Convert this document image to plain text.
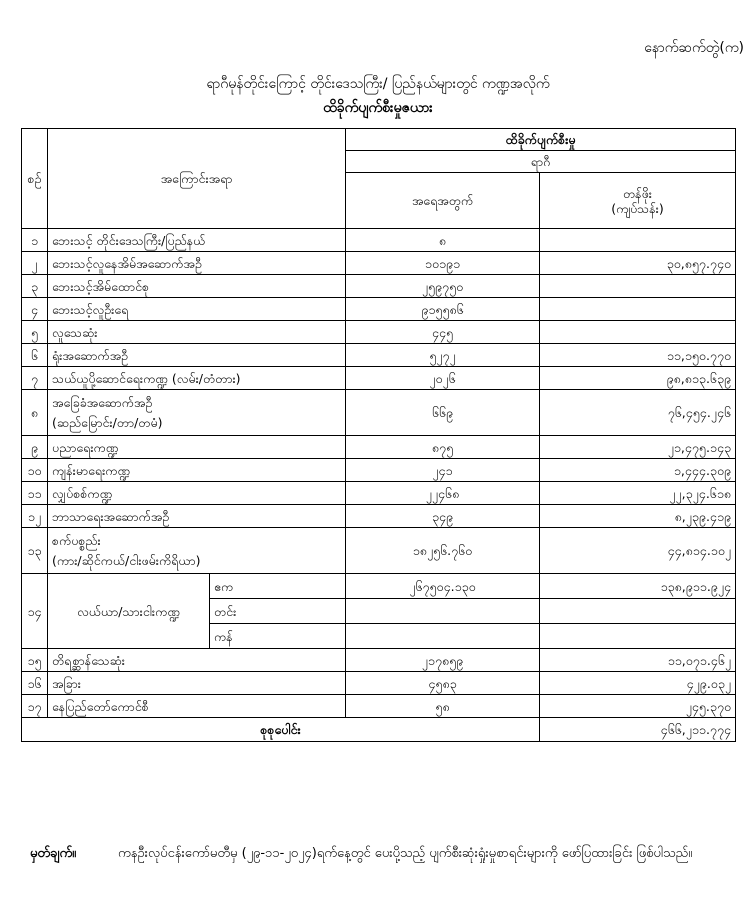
နောက်ဆက်တွဲ(က)
ရာဂီမုန်တိုင်းကြောင့် တိုင်းဒေသကြီး/ ပြည်နယ်များတွင် ကဏ္ဍအလိုက်
ထိခိုက်ပျက်စီးမှုဇယား
စဉ်	အကြောင်းအရာ		ထိခိုက်ပျက်စီးမှု	
			ရာဂီ	
			အရေအတွက်	တန်ဖိုး
(ကျပ်သန်း)
၁	ဘေးသင့် တိုင်းဒေသကြီး/ပြည်နယ်		၈	
၂	ဘေးသင့်လူနေအိမ်အဆောက်အဦ		၁၀၁၉၁	၃၀,၈၅၇.၇၄၀
၃	ဘေးသင့်အိမ်ထောင်စု		၂၅၉၇၅၀	
၄	ဘေးသင့်လူဦးရေ		၉၁၅၅၈၆	
၅	လူသေဆုံး		၄၄၅	
၆	ရုံးအဆောက်အဦ		၅၂၇၂	၁၁,၁၅၀.၇၇၀
၇	သယ်ယူပို့ဆောင်ရေးကဏ္ဍ (လမ်း/တံတား)		၂၀၂၆	၉၈,၈၁၃.၆၃၉
၈	အခြေခံအဆောက်အဦ
(ဆည်မြောင်း/တာ/တမံ)		၆၆၉	၇၆,၄၅၄.၂၄၆
၉	ပညာရေးကဏ္ဍ		၈၇၅	၂၁,၄၇၅.၁၄၃
၁၀	ကျန်းမာရေးကဏ္ဍ		၂၄၁	၁,၄၄၄.၃၀၉
၁၁	လျှပ်စစ်ကဏ္ဍ		၂၂၄၆၈	၂၂,၃၂၄.၆၁၈
၁၂	ဘာသာရေးအဆောက်အဦ		၃၄၉	၈,၂၃၉.၄၁၉
၁၃	စက်ပစ္စည်း
(ကား/ဆိုင်ကယ်/ငါးဖမ်းကိရိယာ)		၁၈၂၅၆.၇၆၀	၄၄,၈၁၄.၁၀၂
၁၄	လယ်ယာ/သားငါးကဏ္ဍ	ဧက	၂၆၇၅၀၄.၁၃၀	၁၃၈,၉၁၁.၉၂၄
		တင်း		
		ကန်		
၁၅	တိရစ္ဆာန်သေဆုံး		၂၁၇၈၅၉	၁၁,၀၇၁.၄၆၂
၁၆	အခြား		၄၅၈၃	၄၂၉.၀၃၂
၁၇	နေပြည်တော်ကောင်စီ		၅၈	၂၄၅.၃၇၀
စုစုပေါင်း				၄၆၆,၂၁၁.၇၇၄
မှတ်ချက်။	ကနဦးလုပ်ငန်းကော်မတီမှ (၂၉-၁၁-၂၀၂၄)ရက်နေ့တွင် ပေးပို့သည့် ပျက်စီးဆုံးရှုံးမှုစာရင်းများကို ဖော်ပြထားခြင်း ဖြစ်ပါသည်။
